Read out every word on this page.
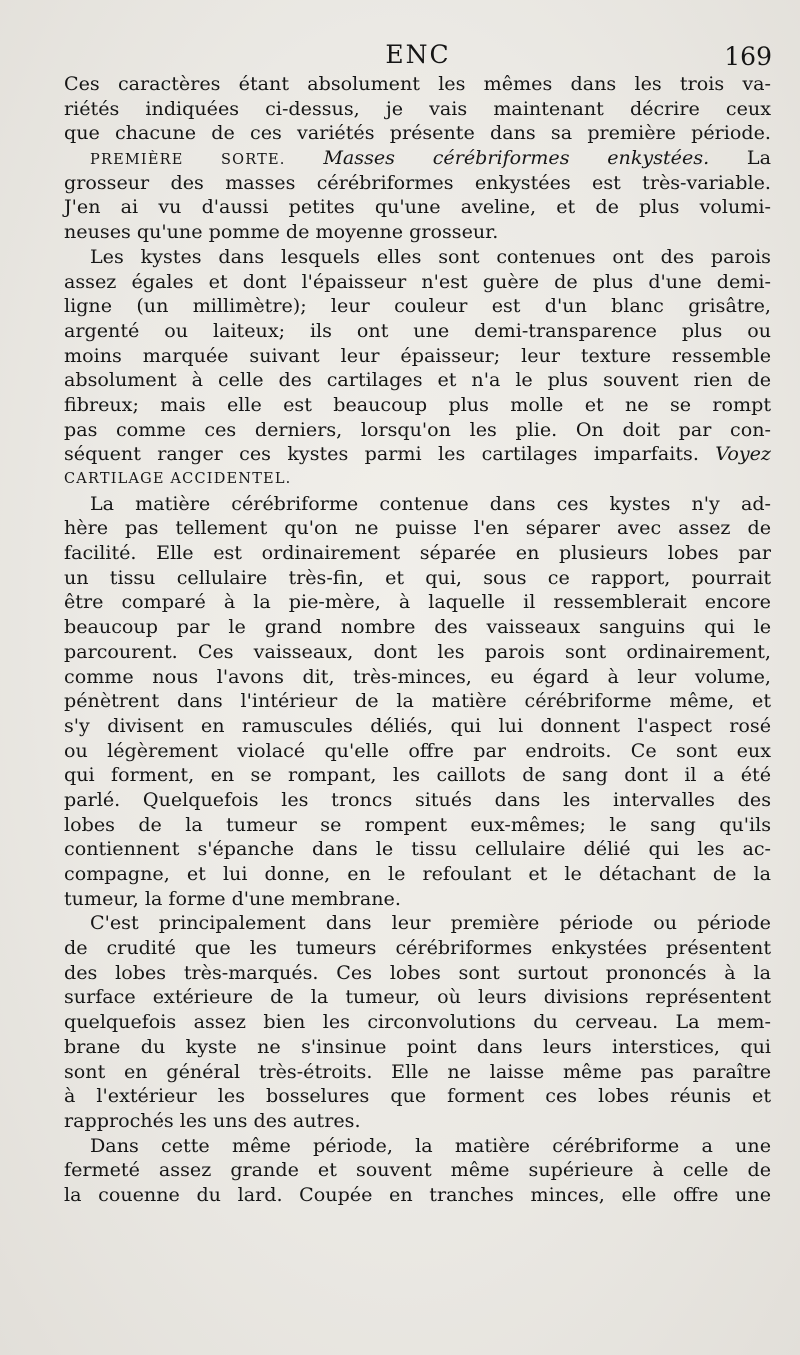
ENC	169
Ces caractères étant absolument les mêmes dans les trois va-
riétés indiquées ci-dessus, je vais maintenant décrire ceux
que chacune de ces variétés présente dans sa première période.
PREMIÈRE SORTE. Masses cérébriformes enkystées. La
grosseur des masses cérébriformes enkystées est très-variable.
J'en ai vu d'aussi petites qu'une aveline, et de plus volumi-
neuses qu'une pomme de moyenne grosseur.
Les kystes dans lesquels elles sont contenues ont des parois
assez égales et dont l'épaisseur n'est guère de plus d'une demi-
ligne (un millimètre); leur couleur est d'un blanc grisâtre,
argenté ou laiteux; ils ont une demi-transparence plus ou
moins marquée suivant leur épaisseur; leur texture ressemble
absolument à celle des cartilages et n'a le plus souvent rien de
fibreux; mais elle est beaucoup plus molle et ne se rompt
pas comme ces derniers, lorsqu'on les plie. On doit par con-
séquent ranger ces kystes parmi les cartilages imparfaits. Voyez
CARTILAGE ACCIDENTEL.
La matière cérébriforme contenue dans ces kystes n'y ad-
hère pas tellement qu'on ne puisse l'en séparer avec assez de
facilité. Elle est ordinairement séparée en plusieurs lobes par
un tissu cellulaire très-fin, et qui, sous ce rapport, pourrait
être comparé à la pie-mère, à laquelle il ressemblerait encore
beaucoup par le grand nombre des vaisseaux sanguins qui le
parcourent. Ces vaisseaux, dont les parois sont ordinairement,
comme nous l'avons dit, très-minces, eu égard à leur volume,
pénètrent dans l'intérieur de la matière cérébriforme même, et
s'y divisent en ramuscules déliés, qui lui donnent l'aspect rosé
ou légèrement violacé qu'elle offre par endroits. Ce sont eux
qui forment, en se rompant, les caillots de sang dont il a été
parlé. Quelquefois les troncs situés dans les intervalles des
lobes de la tumeur se rompent eux-mêmes; le sang qu'ils
contiennent s'épanche dans le tissu cellulaire délié qui les ac-
compagne, et lui donne, en le refoulant et le détachant de la
tumeur, la forme d'une membrane.
C'est principalement dans leur première période ou période
de crudité que les tumeurs cérébriformes enkystées présentent
des lobes très-marqués. Ces lobes sont surtout prononcés à la
surface extérieure de la tumeur, où leurs divisions représentent
quelquefois assez bien les circonvolutions du cerveau. La mem-
brane du kyste ne s'insinue point dans leurs interstices, qui
sont en général très-étroits. Elle ne laisse même pas paraître
à l'extérieur les bosselures que forment ces lobes réunis et
rapprochés les uns des autres.
Dans cette même période, la matière cérébriforme a une
fermeté assez grande et souvent même supérieure à celle de
la couenne du lard. Coupée en tranches minces, elle offre une
